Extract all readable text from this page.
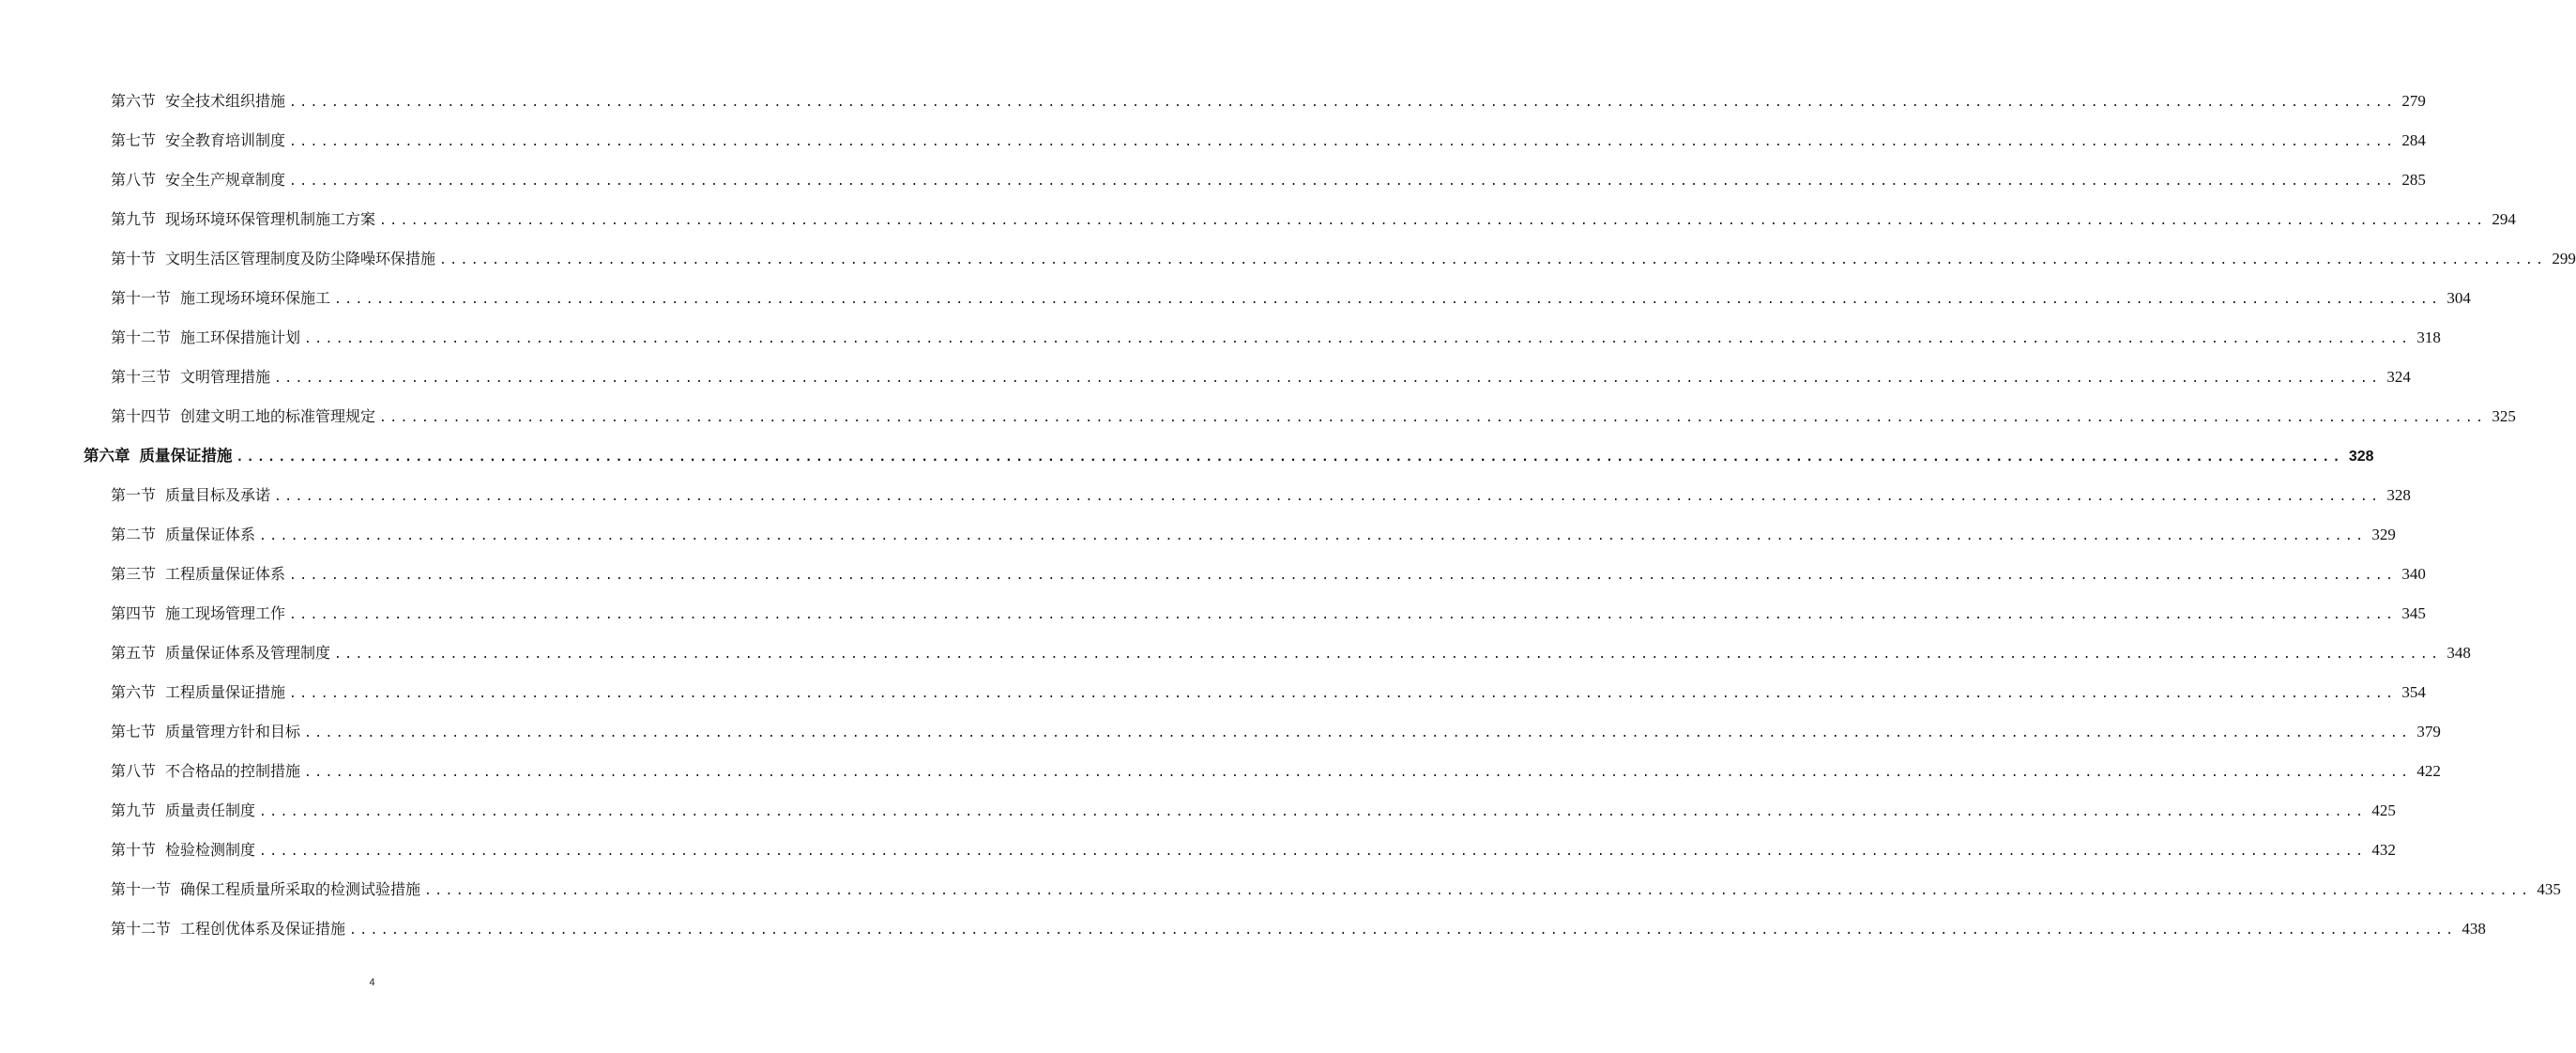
第六节 安全技术组织措施 ........................................................................................................................................................................................................ 279
第七节 安全教育培训制度 ........................................................................................................................................................................................................ 284
第八节 安全生产规章制度 ........................................................................................................................................................................................................ 285
第九节 现场环境环保管理机制施工方案 ........................................................................................................................................................................................................ 294
第十节 文明生活区管理制度及防尘降噪环保措施 ........................................................................................................................................................................................................ 299
第十一节 施工现场环境环保施工 ........................................................................................................................................................................................................ 304
第十二节 施工环保措施计划 ........................................................................................................................................................................................................ 318
第十三节 文明管理措施 ........................................................................................................................................................................................................ 324
第十四节 创建文明工地的标准管理规定 ........................................................................................................................................................................................................ 325
第六章 质量保证措施 ........................................................................................................................................................................................................ 328
第一节 质量目标及承诺 ........................................................................................................................................................................................................ 328
第二节 质量保证体系 ........................................................................................................................................................................................................ 329
第三节 工程质量保证体系 ........................................................................................................................................................................................................ 340
第四节 施工现场管理工作 ........................................................................................................................................................................................................ 345
第五节 质量保证体系及管理制度 ........................................................................................................................................................................................................ 348
第六节 工程质量保证措施 ........................................................................................................................................................................................................ 354
第七节 质量管理方针和目标 ........................................................................................................................................................................................................ 379
第八节 不合格品的控制措施 ........................................................................................................................................................................................................ 422
第九节 质量责任制度 ........................................................................................................................................................................................................ 425
第十节 检验检测制度 ........................................................................................................................................................................................................ 432
第十一节 确保工程质量所采取的检测试验措施 ........................................................................................................................................................................................................ 435
第十二节 工程创优体系及保证措施 ........................................................................................................................................................................................................ 438
4
